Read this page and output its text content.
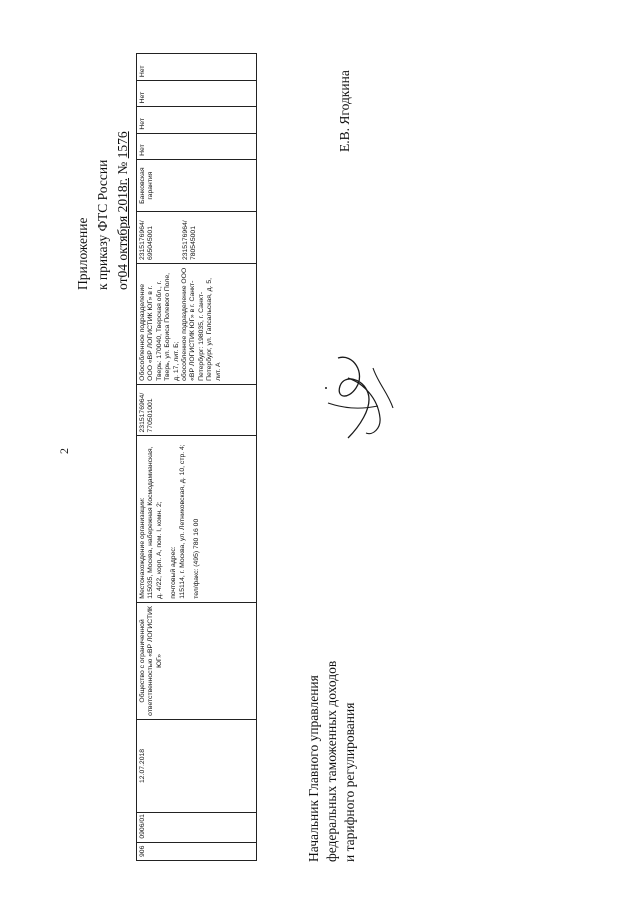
2
Приложение к приказу ФТС России от04 октября 2018г. № 1576
906
0906/01
12.07.2018
Общество с ограниченной ответственностью «ВР ЛОГИСТИК ЮГ»

Местонахождение организации: 115035, Москва, набережная Космодамианская, д. 4/22, корп. А, пом. I, комн. 2; почтовый адрес: 115114, г. Москва, ул. Летниковская, д. 10, стр. 4; тел/факс: (495) 780 16 00

2315176964/ 770501001

Обособленное подразделение ООО «ВР ЛОГИСТИК ЮГ» в г. Тверь: 170040, Тверская обл., г. Тверь, ул. Бориса Полевого Поле, д. 17, лит. Б; обособленное подразделение ООО «ВР ЛОГИСТИК ЮГ» в г. Санкт-Петербург: 198035, г. Санкт-Петербург, ул. Гапсальская, д. 5, лит. А

2315176964/ 695045001	2315176964/ 780545001

Банковская гарантия
Нет
Нет
Нет
Нет
Начальник Главного управления федеральных таможенных доходов и тарифного регулирования
Е.В. Ягодкина
